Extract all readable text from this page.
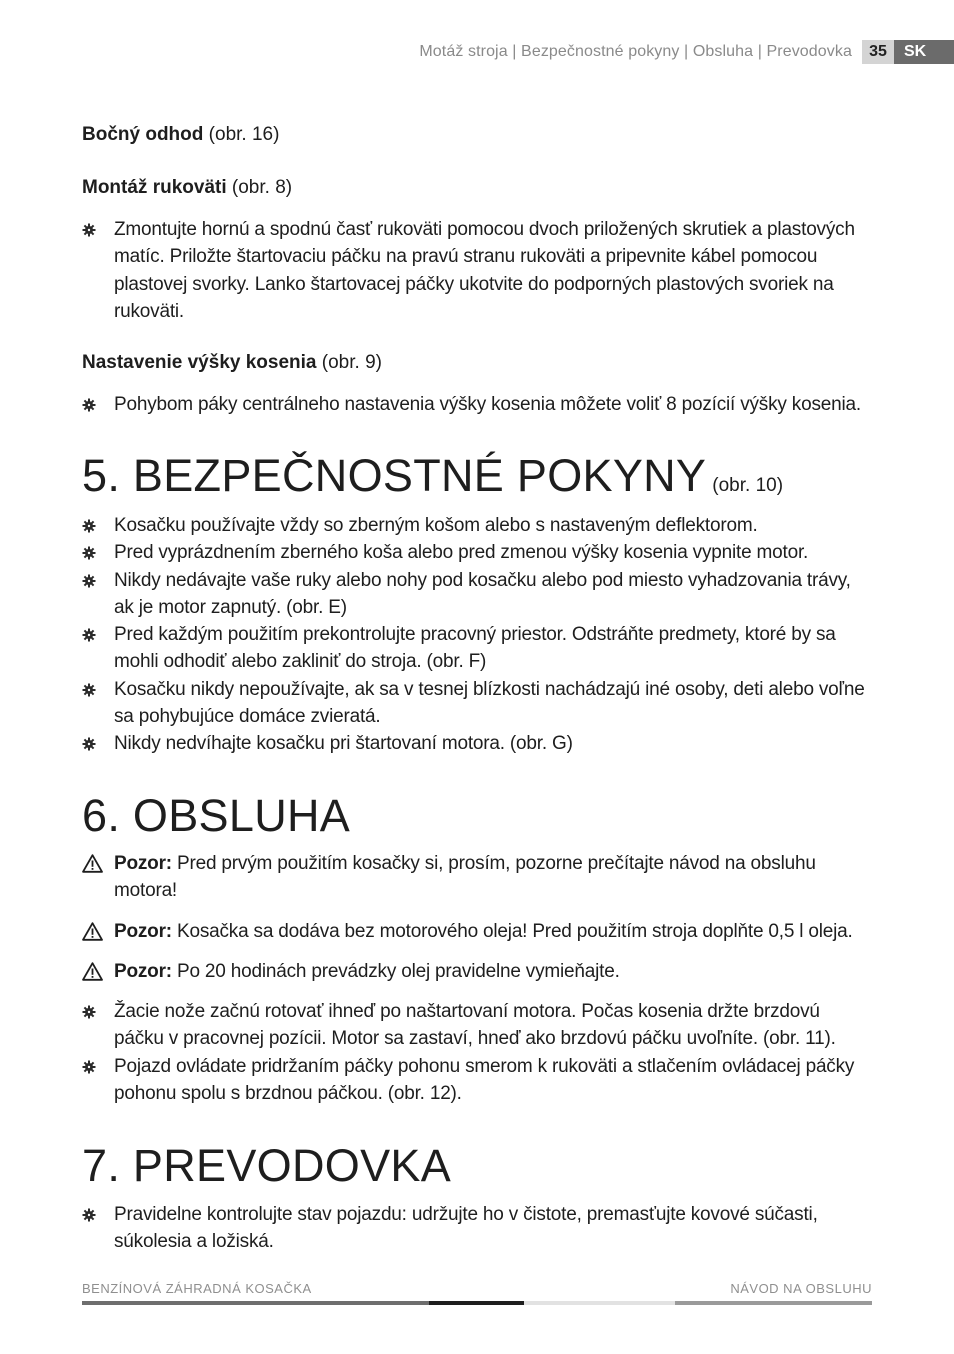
Motáž stroja | Bezpečnostné pokyny | Obsluha | Prevodovka	35	SK
Bočný odhod (obr. 16)
Montáž rukoväti (obr. 8)
Zmontujte hornú a spodnú časť rukoväti pomocou dvoch priložených skrutiek a plastových matíc. Priložte štartovaciu páčku na pravú stranu rukoväti a pripevnite kábel pomocou plastovej svorky. Lanko štartovacej páčky ukotvite do podporných plastových svoriek na rukoväti.
Nastavenie výšky kosenia (obr. 9)
Pohybom páky centrálneho nastavenia výšky kosenia môžete voliť 8 pozícií výšky kosenia.
5. BEZPEČNOSTNÉ POKYNY (obr. 10)
Kosačku používajte vždy so zberným košom alebo s nastaveným deflektorom.
Pred vyprázdnením zberného koša alebo pred zmenou výšky kosenia vypnite motor.
Nikdy nedávajte vaše ruky alebo nohy pod kosačku alebo pod miesto vyhadzovania trávy, ak je motor zapnutý. (obr. E)
Pred každým použitím prekontrolujte pracovný priestor. Odstráňte predmety, ktoré by sa mohli odhodiť alebo zakliniť do stroja. (obr. F)
Kosačku nikdy nepoužívajte, ak sa v tesnej blízkosti nachádzajú iné osoby, deti alebo voľne sa pohybujúce domáce zvieratá.
Nikdy nedvíhajte kosačku pri štartovaní motora. (obr. G)
6. OBSLUHA
Pozor: Pred prvým použitím kosačky si, prosím, pozorne prečítajte návod na obsluhu motora!
Pozor: Kosačka sa dodáva bez motorového oleja! Pred použitím stroja doplňte 0,5 l oleja.
Pozor: Po 20 hodinách prevádzky olej pravidelne vymieňajte.
Žacie nože začnú rotovať ihneď po naštartovaní motora. Počas kosenia držte brzdovú páčku v pracovnej pozícii. Motor sa zastaví, hneď ako brzdovú páčku uvoľníte. (obr. 11).
Pojazd ovládate pridržaním páčky pohonu smerom k rukoväti a stlačením ovládacej páčky pohonu spolu s brzdnou páčkou. (obr. 12).
7. PREVODOVKA
Pravidelne kontrolujte stav pojazdu: udržujte ho v čistote, premasťujte kovové súčasti, súkolesia a ložiská.
BENZÍNOVÁ ZÁHRADNÁ KOSAČKA	NÁVOD NA OBSLUHU
